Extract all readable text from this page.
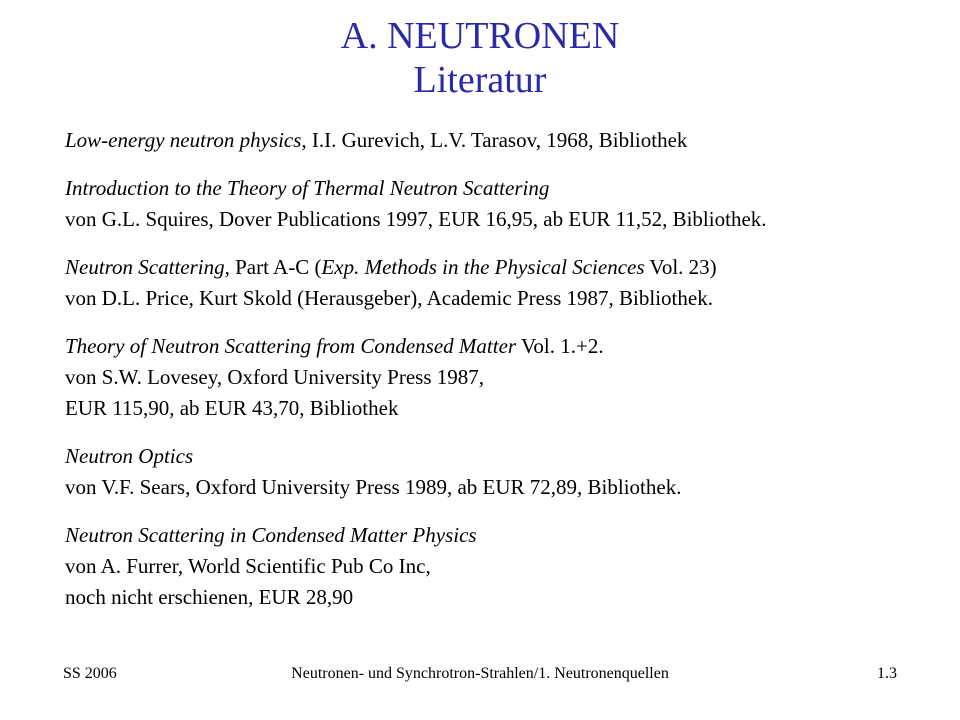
A. NEUTRONEN
Literatur

Low-energy neutron physics, I.I. Gurevich, L.V. Tarasov, 1968, Bibliothek

Introduction to the Theory of Thermal Neutron Scattering

von G.L. Squires, Dover Publications 1997, EUR 16,95, ab EUR 11,52, Bibliothek.

Neutron Scattering, Part A-C (Exp. Methods in the Physical Sciences Vol. 23)

von D.L. Price, Kurt Skold (Herausgeber), Academic Press 1987, Bibliothek.

Theory of Neutron Scattering from Condensed Matter Vol. 1.+2.

von S.W. Lovesey, Oxford University Press 1987,

EUR 115,90, ab EUR 43,70, Bibliothek

Neutron Optics

von V.F. Sears, Oxford University Press 1989, ab EUR 72,89, Bibliothek.

Neutron Scattering in Condensed Matter Physics

von A. Furrer, World Scientific Pub Co Inc,

noch nicht erschienen, EUR 28,90

Neutronen- und Synchrotron-Strahlen/1. Neutronenquellen
SS 2006	1.3
